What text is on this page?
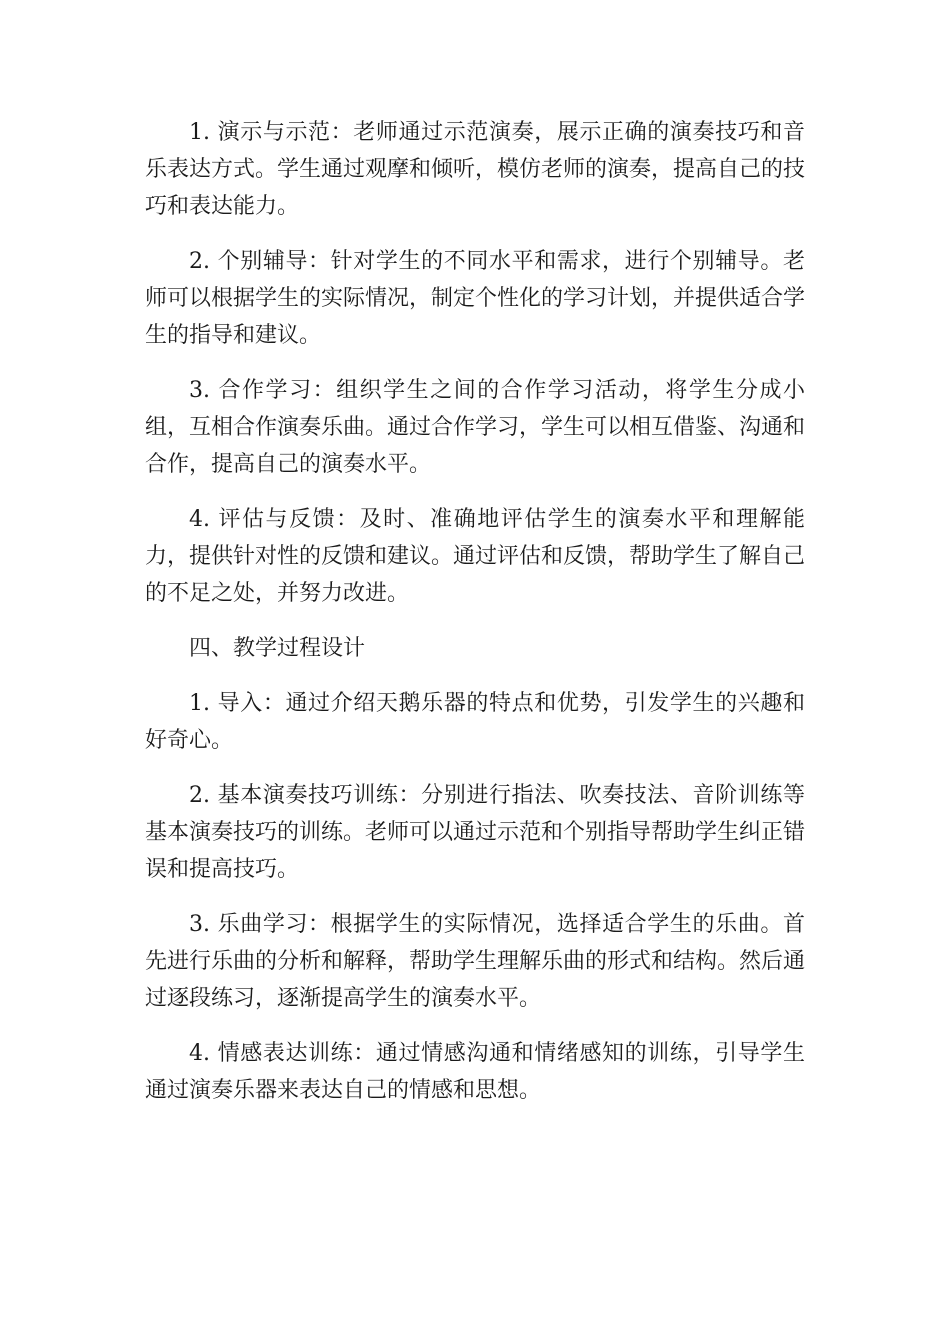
1. 演示与示范：老师通过示范演奏，展示正确的演奏技巧和音乐表达方式。学生通过观摩和倾听，模仿老师的演奏，提高自己的技巧和表达能力。

2. 个别辅导：针对学生的不同水平和需求，进行个别辅导。老师可以根据学生的实际情况，制定个性化的学习计划，并提供适合学生的指导和建议。

3. 合作学习：组织学生之间的合作学习活动，将学生分成小组，互相合作演奏乐曲。通过合作学习，学生可以相互借鉴、沟通和合作，提高自己的演奏水平。

4. 评估与反馈：及时、准确地评估学生的演奏水平和理解能力，提供针对性的反馈和建议。通过评估和反馈，帮助学生了解自己的不足之处，并努力改进。

四、教学过程设计

1. 导入：通过介绍天鹅乐器的特点和优势，引发学生的兴趣和好奇心。

2. 基本演奏技巧训练：分别进行指法、吹奏技法、音阶训练等基本演奏技巧的训练。老师可以通过示范和个别指导帮助学生纠正错误和提高技巧。

3. 乐曲学习：根据学生的实际情况，选择适合学生的乐曲。首先进行乐曲的分析和解释，帮助学生理解乐曲的形式和结构。然后通过逐段练习，逐渐提高学生的演奏水平。

4. 情感表达训练：通过情感沟通和情绪感知的训练，引导学生通过演奏乐器来表达自己的情感和思想。
